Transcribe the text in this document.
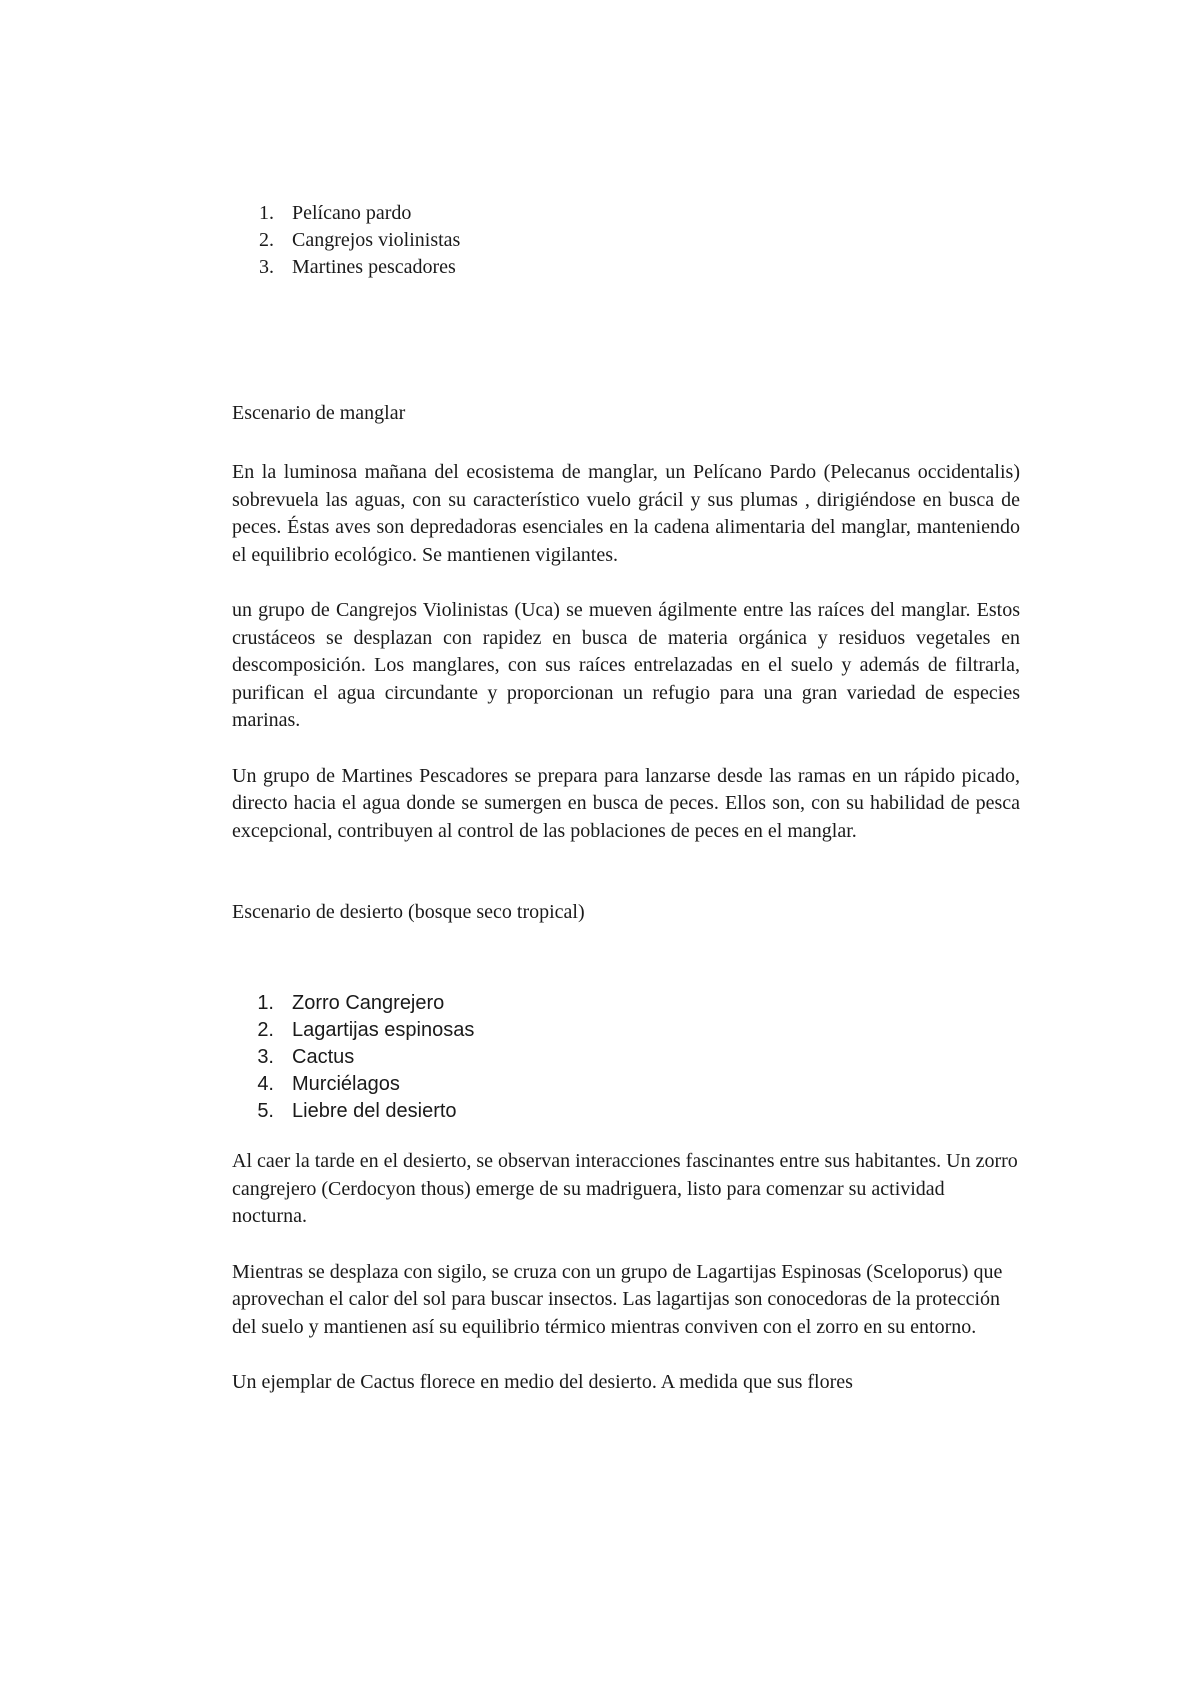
1. Pelícano pardo
2. Cangrejos violinistas
3. Martines pescadores

Escenario de manglar

En la luminosa mañana del ecosistema de manglar, un Pelícano Pardo (Pelecanus occidentalis) sobrevuela las aguas, con su característico vuelo grácil y sus plumas , dirigiéndose en busca de peces. Éstas aves son depredadoras esenciales en la cadena alimentaria del manglar, manteniendo el equilibrio ecológico. Se mantienen vigilantes.

un grupo de Cangrejos Violinistas (Uca) se mueven ágilmente entre las raíces del manglar. Estos crustáceos se desplazan con rapidez en busca de materia orgánica y residuos vegetales en descomposición. Los manglares, con sus raíces entrelazadas en el suelo y además de filtrarla, purifican el agua circundante y proporcionan un refugio para una gran variedad de especies marinas.

Un grupo de Martines Pescadores se prepara para lanzarse desde las ramas en un rápido picado, directo hacia el agua donde se sumergen en busca de peces. Ellos son, con su habilidad de pesca excepcional, contribuyen al control de las poblaciones de peces en el manglar.

Escenario de desierto (bosque seco tropical)

1. Zorro Cangrejero
2. Lagartijas espinosas
3. Cactus
4. Murciélagos
5. Liebre del desierto

Al caer la tarde en el desierto, se observan interacciones fascinantes entre sus habitantes. Un zorro cangrejero (Cerdocyon thous) emerge de su madriguera, listo para comenzar su actividad nocturna.

Mientras se desplaza con sigilo, se cruza con un grupo de Lagartijas Espinosas (Sceloporus) que aprovechan el calor del sol para buscar insectos. Las lagartijas son conocedoras de la protección del suelo y mantienen así su equilibrio térmico mientras conviven con el zorro en su entorno.

Un ejemplar de Cactus florece en medio del desierto. A medida que sus flores
